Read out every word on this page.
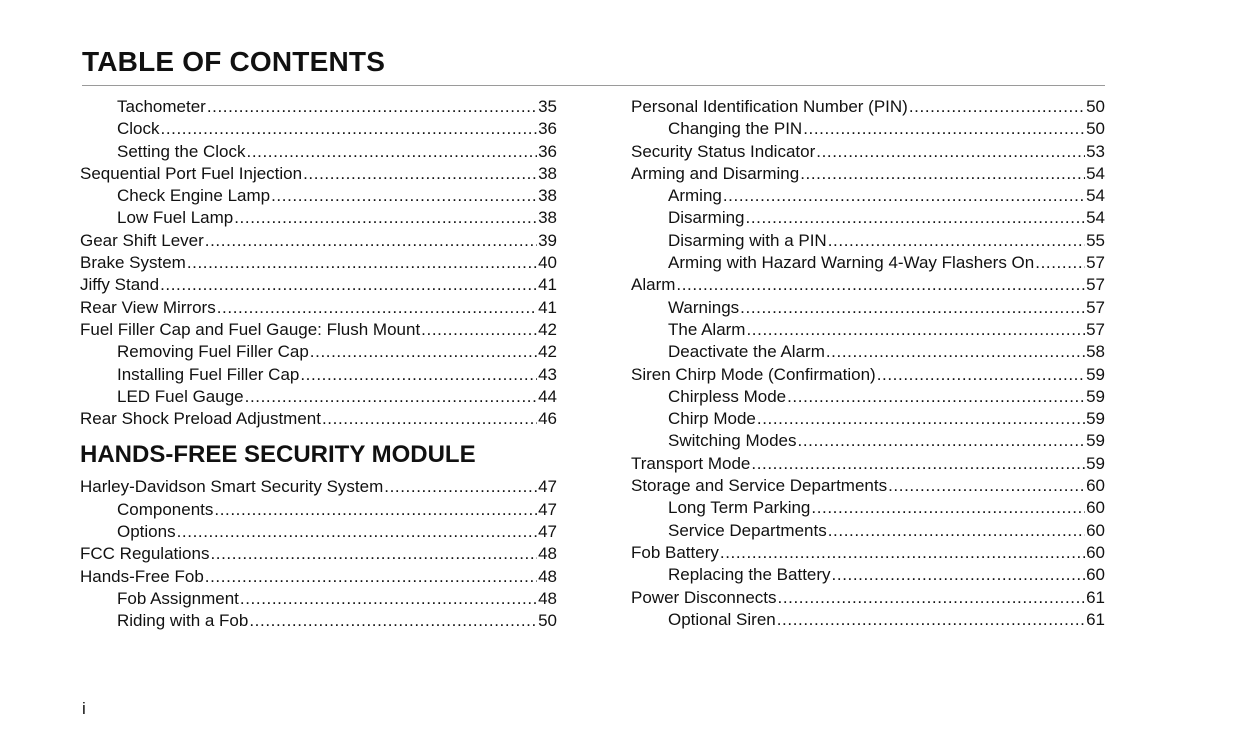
TABLE OF CONTENTS
Tachometer .....	35
Clock .....	36
Setting the Clock .....	36
Sequential Port Fuel Injection .....	38
Check Engine Lamp .....	38
Low Fuel Lamp .....	38
Gear Shift Lever .....	39
Brake System .....	40
Jiffy Stand .....	41
Rear View Mirrors .....	41
Fuel Filler Cap and Fuel Gauge: Flush Mount .....	42
Removing Fuel Filler Cap .....	42
Installing Fuel Filler Cap .....	43
LED Fuel Gauge .....	44
Rear Shock Preload Adjustment .....	46
HANDS-FREE SECURITY MODULE
Harley-Davidson Smart Security System .....	47
Components .....	47
Options .....	47
FCC Regulations .....	48
Hands-Free Fob .....	48
Fob Assignment .....	48
Riding with a Fob .....	50
Personal Identification Number (PIN) .....	50
Changing the PIN .....	50
Security Status Indicator .....	53
Arming and Disarming .....	54
Arming .....	54
Disarming .....	54
Disarming with a PIN .....	55
Arming with Hazard Warning 4-Way Flashers On .....	57
Alarm .....	57
Warnings .....	57
The Alarm .....	57
Deactivate the Alarm .....	58
Siren Chirp Mode (Confirmation) .....	59
Chirpless Mode .....	59
Chirp Mode .....	59
Switching Modes .....	59
Transport Mode .....	59
Storage and Service Departments .....	60
Long Term Parking .....	60
Service Departments .....	60
Fob Battery .....	60
Replacing the Battery .....	60
Power Disconnects .....	61
Optional Siren .....	61
i
